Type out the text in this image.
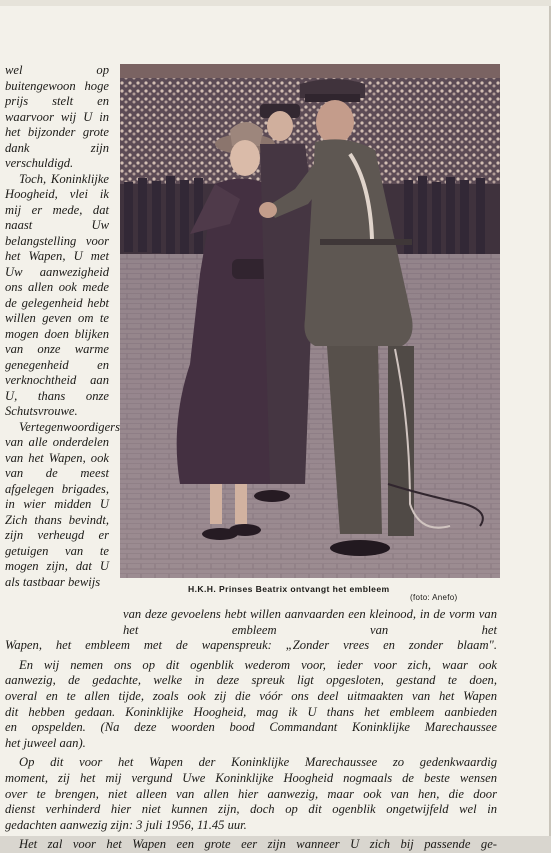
wel op buitengewoon hoge prijs stelt en waarvoor wij U in het bijzonder grote dank zijn verschuldigd.

Toch, Koninklijke Hoogheid, vlei ik mij er mede, dat naast Uw belangstelling voor het Wapen, U met Uw aanwezigheid ons allen ook mede de gelegenheid hebt willen geven om te mogen doen blijken van onze warme genegenheid en verknochtheid aan U, thans onze Schutsvrouwe.

Vertegenwoordigers van alle onderdelen van het Wapen, ook van de meest afgelegen brigades, in wier midden U Zich thans bevindt, zijn verheugd er getuigen van te mogen zijn, dat U als tastbaar bewijs

H.K.H. Prinses Beatrix ontvangt het embleem
(foto: Anefo)
van deze gevoelens hebt willen aanvaarden een kleinood, in de vorm van het embleem van het
Wapen, het embleem met de wapenspreuk: „Zonder vrees en zonder blaam".
En wij nemen ons op dit ogenblik wederom voor, ieder voor zich, waar ook
aanwezig, de gedachte, welke in deze spreuk ligt opgesloten, gestand te doen,
overal en te allen tijde, zoals ook zij die vóór ons deel uitmaakten van het Wapen
dit hebben gedaan. Koninklijke Hoogheid, mag ik U thans het embleem aanbieden
en opspelden. (Na deze woorden bood Commandant Koninklijke Marechaussee
het juweel aan).
Op dit voor het Wapen der Koninklijke Marechaussee zo gedenkwaardig
moment, zij het mij vergund Uwe Koninklijke Hoogheid nogmaals de beste wensen
over te brengen, niet alleen van allen hier aanwezig, maar ook van hen, die door
dienst verhinderd hier niet kunnen zijn, doch op dit ogenblik ongetwijfeld wel in
gedachten aanwezig zijn: 3 juli 1956, 11.45 uur.
Het zal voor het Wapen een grote eer zijn wanneer U zich bij passende ge-
